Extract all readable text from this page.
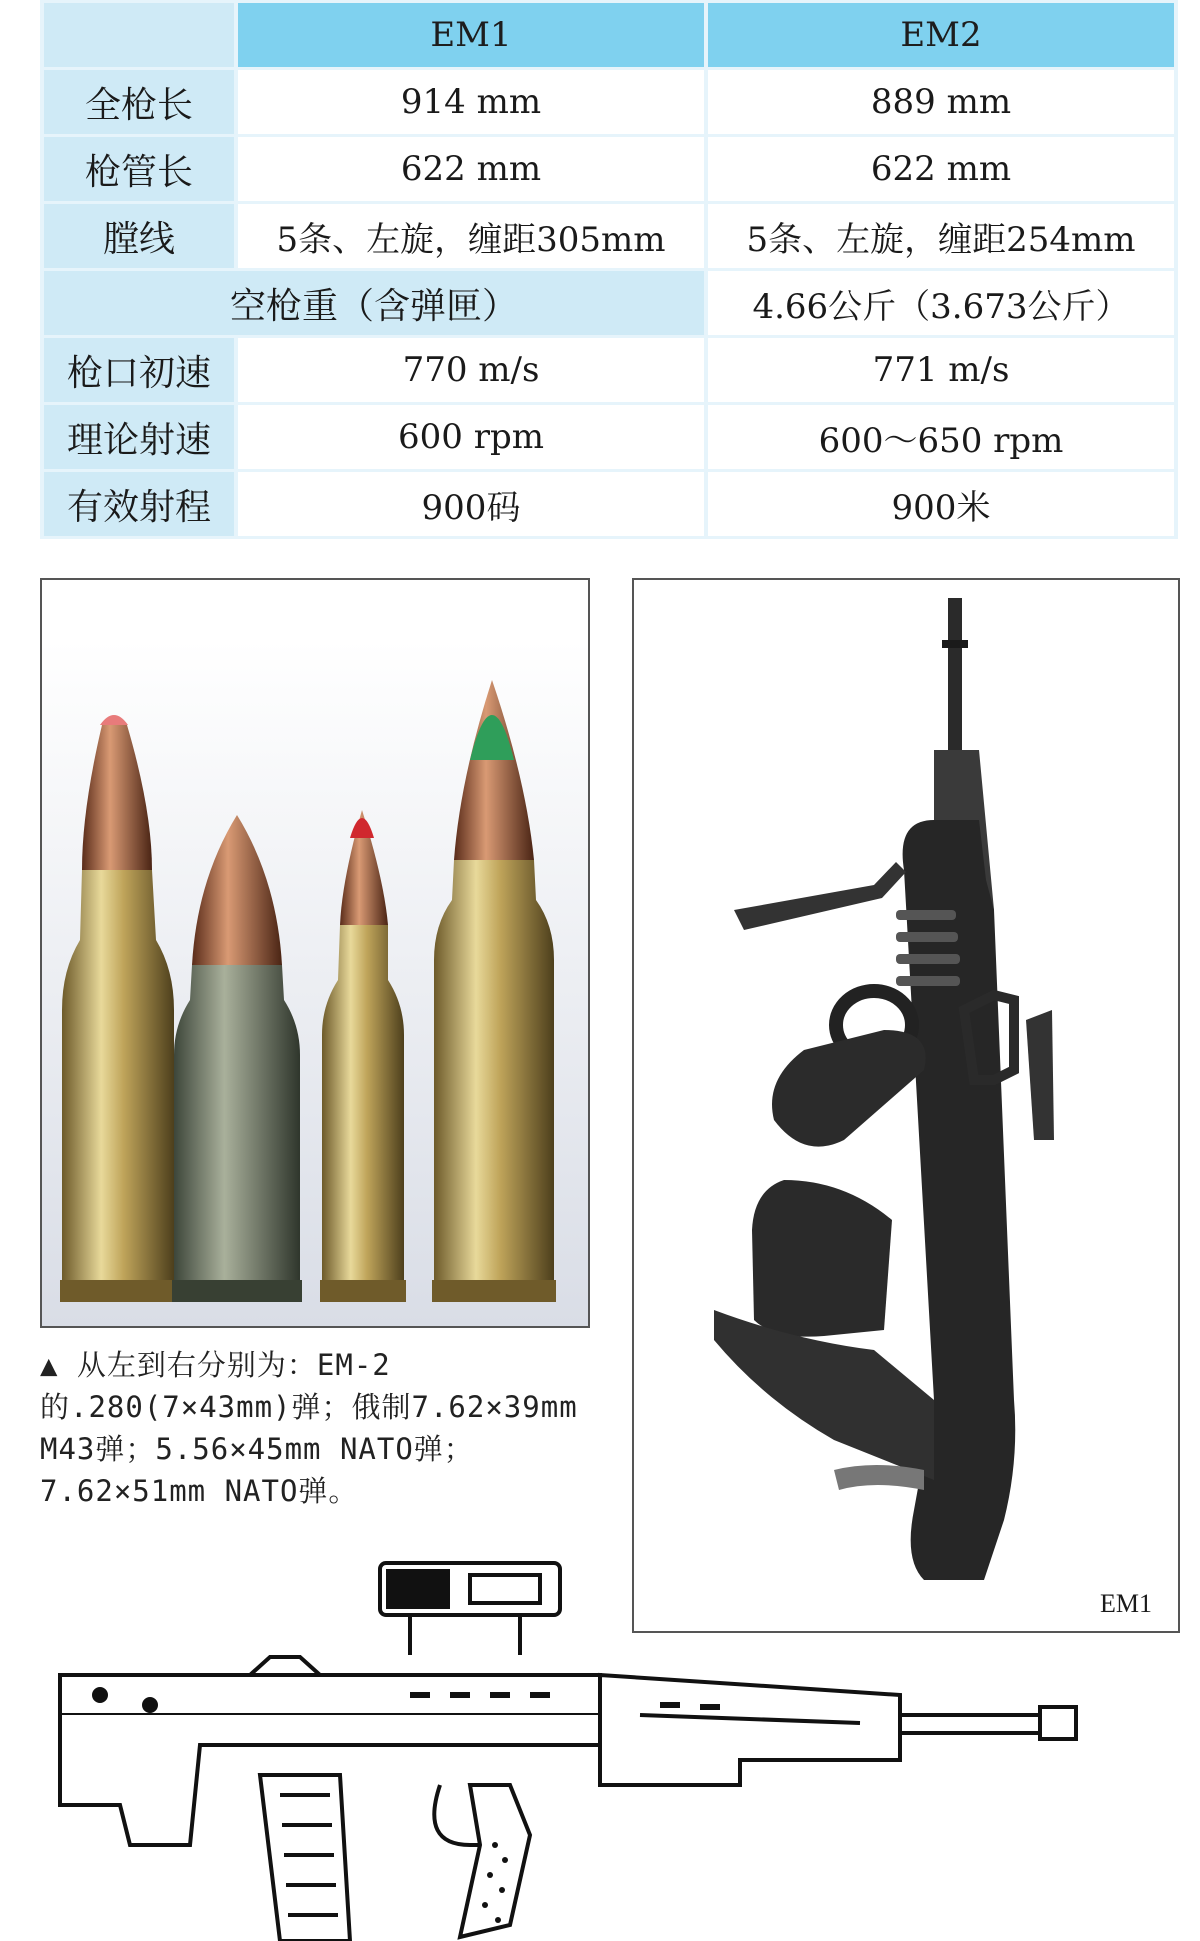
	EM1	EM2
全枪长	914 mm	889 mm
枪管长	622 mm	622 mm
膛线	5条、左旋，缠距305mm	5条、左旋，缠距254mm
空枪重（含弹匣）		4.66公斤（3.673公斤）
枪口初速	770 m/s	771 m/s
理论射速	600 rpm	600～650 rpm
有效射程	900码	900米
▲ 从左到右分别为：EM-2的.280(7×43mm)弹；俄制7.62×39mm M43弹；5.56×45mm NATO弹；7.62×51mm NATO弹。
EM1
